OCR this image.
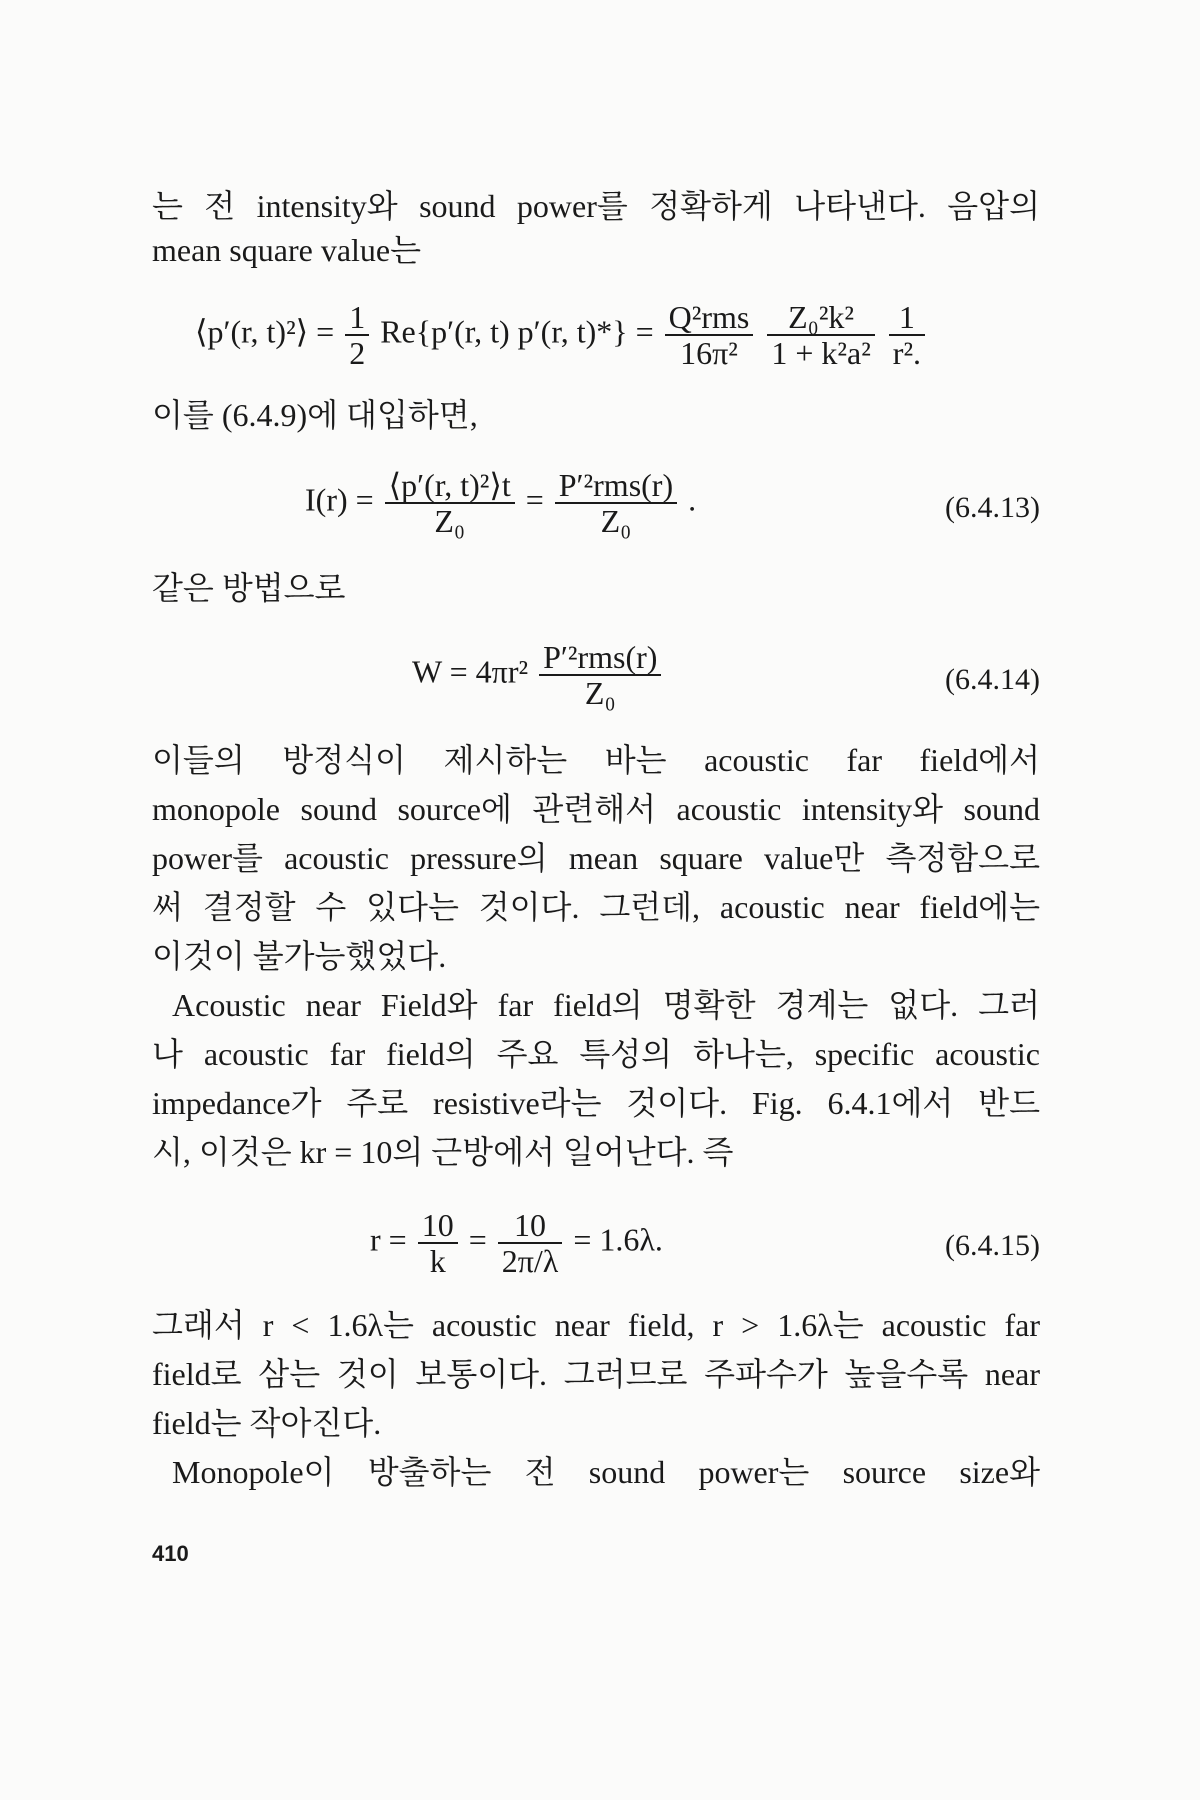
는 전 intensity와 sound power를 정확하게 나타낸다. 음압의
mean square value는
⟨p′(r, t)²⟩ = $\frac{1}{2} Re\{p'(r$, t) p′(r, $t)*\} = \frac{\text{Q²rms}}{\text{16π²}}$
$\frac{\text{Z₀²k²}}{\text{1 + k²a²}}$
$\frac{1}{\text{r².}}$
이를 (6.4.9)에 대입하면,
$I(r) = \frac{\text{⟨p′(r, t)²⟩t}}{\text{Z₀}} = \frac{\text{P′²rms(r)}}{\text{Z₀}}$ .	(6.4.13)
같은 방법으로
$W = 4\pi r^2 \frac{\text{P′²rms(r)}}{\text{Z₀}}$	(6.4.14)
이들의 방정식이 제시하는 바는 acoustic far field에서
monopole sound source에 관련해서 acoustic intensity와 sound
power를 acoustic pressure의 mean square value만 측정함으로
써 결정할 수 있다는 것이다. 그런데, acoustic near field에는
이것이 불가능했었다.
Acoustic near Field와 far field의 명확한 경계는 없다. 그러
나 acoustic far field의 주요 특성의 하나는, specific acoustic
impedance가 주로 resistive라는 것이다. Fig. 6.4.1에서 반드
시, 이것은 kr = 10의 근방에서 일어난다. 즉
$r = \frac{10}{k} = \frac{10}{2\pi/\lambda} = 1.6\lambda$.	(6.4.15)
그래서 r < 1.6λ는 acoustic near field, r > 1.6λ는 acoustic far
field로 삼는 것이 보통이다. 그러므로 주파수가 높을수록 near
field는 작아진다.
Monopole이 방출하는 전 sound power는 source size와
410
